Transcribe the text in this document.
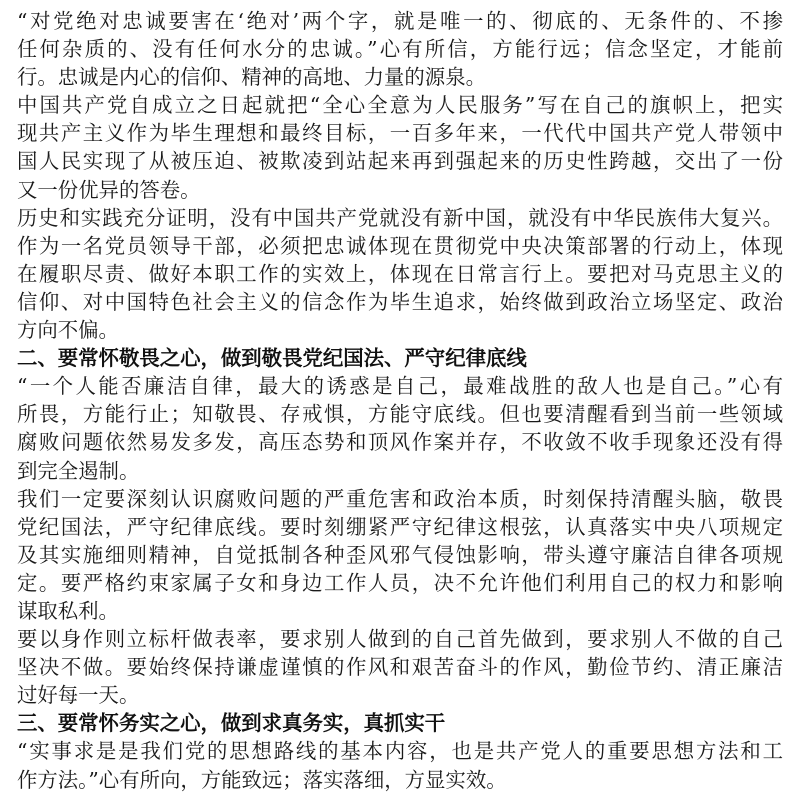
“对党绝对忠诚要害在‘绝对’两个字，就是唯一的、彻底的、无条件的、不掺
任何杂质的、没有任何水分的忠诚。”心有所信，方能行远；信念坚定，才能前
行。忠诚是内心的信仰、精神的高地、力量的源泉。
中国共产党自成立之日起就把“全心全意为人民服务”写在自己的旗帜上，把实
现共产主义作为毕生理想和最终目标，一百多年来，一代代中国共产党人带领中
国人民实现了从被压迫、被欺凌到站起来再到强起来的历史性跨越，交出了一份
又一份优异的答卷。
历史和实践充分证明，没有中国共产党就没有新中国，就没有中华民族伟大复兴。
作为一名党员领导干部，必须把忠诚体现在贯彻党中央决策部署的行动上，体现
在履职尽责、做好本职工作的实效上，体现在日常言行上。要把对马克思主义的
信仰、对中国特色社会主义的信念作为毕生追求，始终做到政治立场坚定、政治
方向不偏。
二、要常怀敬畏之心，做到敬畏党纪国法、严守纪律底线
“一个人能否廉洁自律，最大的诱惑是自己，最难战胜的敌人也是自己。”心有
所畏，方能行止；知敬畏、存戒惧，方能守底线。但也要清醒看到当前一些领域
腐败问题依然易发多发，高压态势和顶风作案并存，不收敛不收手现象还没有得
到完全遏制。
我们一定要深刻认识腐败问题的严重危害和政治本质，时刻保持清醒头脑，敬畏
党纪国法，严守纪律底线。要时刻绷紧严守纪律这根弦，认真落实中央八项规定
及其实施细则精神，自觉抵制各种歪风邪气侵蚀影响，带头遵守廉洁自律各项规
定。要严格约束家属子女和身边工作人员，决不允许他们利用自己的权力和影响
谋取私利。
要以身作则立标杆做表率，要求别人做到的自己首先做到，要求别人不做的自己
坚决不做。要始终保持谦虚谨慎的作风和艰苦奋斗的作风，勤俭节约、清正廉洁
过好每一天。
三、要常怀务实之心，做到求真务实，真抓实干
“实事求是是我们党的思想路线的基本内容，也是共产党人的重要思想方法和工
作方法。”心有所向，方能致远；落实落细，方显实效。
